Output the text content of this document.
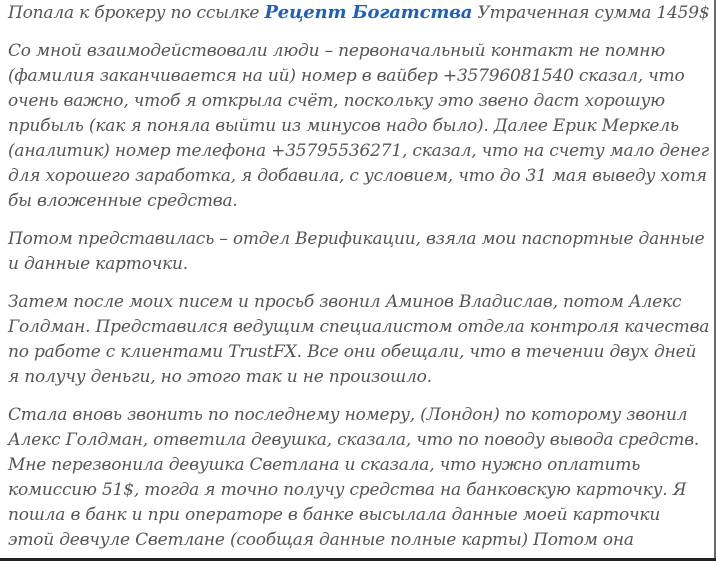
Попала к брокеру по ссылке Рецепт Богатства Утраченная сумма 1459$

Со мной взаимодействовали люди – первоначальный контакт не помню (фамилия заканчивается на ий) номер в вайбер +35796081540 сказал, что очень важно, чтоб я открыла счёт, поскольку это звено даст хорошую прибыль (как я поняла выйти из минусов надо было). Далее Ерик Меркель (аналитик) номер телефона +35795536271, сказал, что на счету мало денег для хорошего заработка, я добавила, с условием, что до 31 мая выведу хотя бы вложенные средства.

Потом представилась – отдел Верификации, взяла мои паспортные данные и данные карточки.

Затем после моих писем и просьб звонил Аминов Владислав, потом Алекс Голдман. Представился ведущим специалистом отдела контроля качества по работе с клиентами TrustFX. Все они обещали, что в течении двух дней я получу деньги, но этого так и не произошло.

Стала вновь звонить по последнему номеру, (Лондон) по которому звонил Алекс Голдман, ответила девушка, сказала, что по поводу вывода средств. Мне перезвонила девушка Светлана и сказала, что нужно оплатить комиссию 51$, тогда я точно получу средства на банковскую карточку. Я пошла в банк и при операторе в банке высылала данные моей карточки этой девчуле Светлане (сообщая данные полные карты) Потом она
